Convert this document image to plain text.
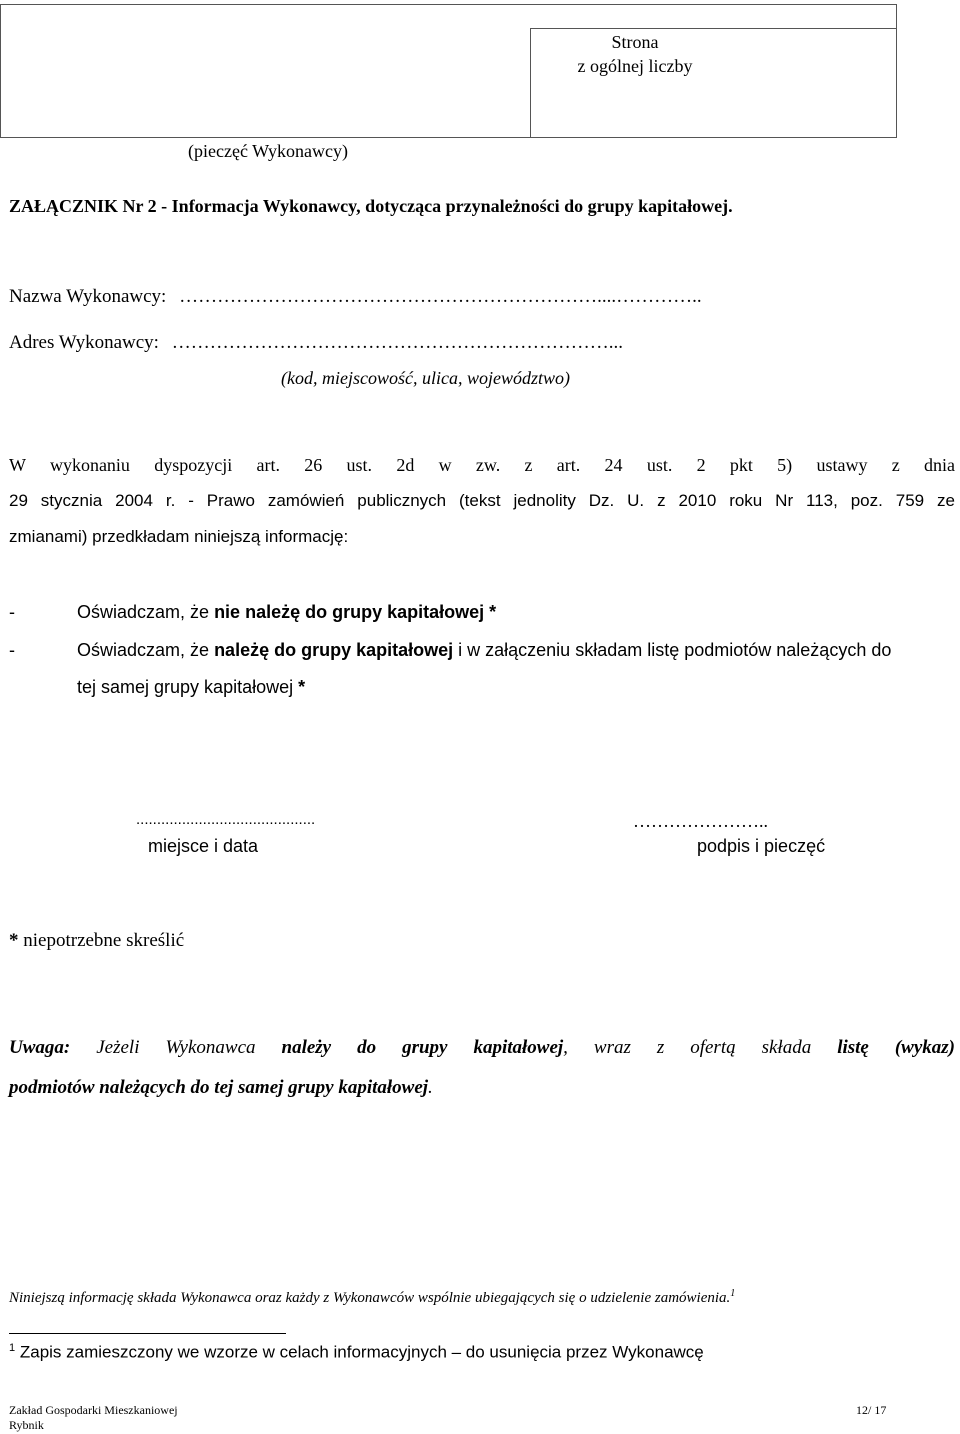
Strona
z ogólnej liczby
(pieczęć Wykonawcy)
ZAŁĄCZNIK Nr 2 - Informacja Wykonawcy, dotycząca przynależności do grupy kapitałowej.
Nazwa Wykonawcy: …………………………………………………………....…………..
Adres Wykonawcy: ……………………………………………………………...
(kod, miejscowość, ulica, województwo)
W wykonaniu dyspozycji art. 26 ust. 2d w zw. z art. 24 ust. 2 pkt 5) ustawy z dnia
29 stycznia 2004 r. - Prawo zamówień publicznych (tekst jednolity Dz. U. z 2010 roku Nr 113, poz. 759 ze
zmianami) przedkładam niniejszą informację:
-	Oświadczam, że nie należę do grupy kapitałowej *
-	Oświadczam, że należę do grupy kapitałowej i w załączeniu składam listę podmiotów należących do
tej samej grupy kapitałowej *
...........................................
miejsce i data
…………………..
podpis i pieczęć
* niepotrzebne skreślić
Uwaga: Jeżeli Wykonawca należy do grupy kapitałowej, wraz z ofertą składa listę (wykaz)
podmiotów należących do tej samej grupy kapitałowej.
Niniejszą informację składa Wykonawca oraz każdy z Wykonawców wspólnie ubiegających się o udzielenie zamówienia.$^1$
$^1$ Zapis zamieszczony we wzorze w celach informacyjnych – do usunięcia przez Wykonawcę
Zakład Gospodarki Mieszkaniowej
Rybnik
12/ 17
